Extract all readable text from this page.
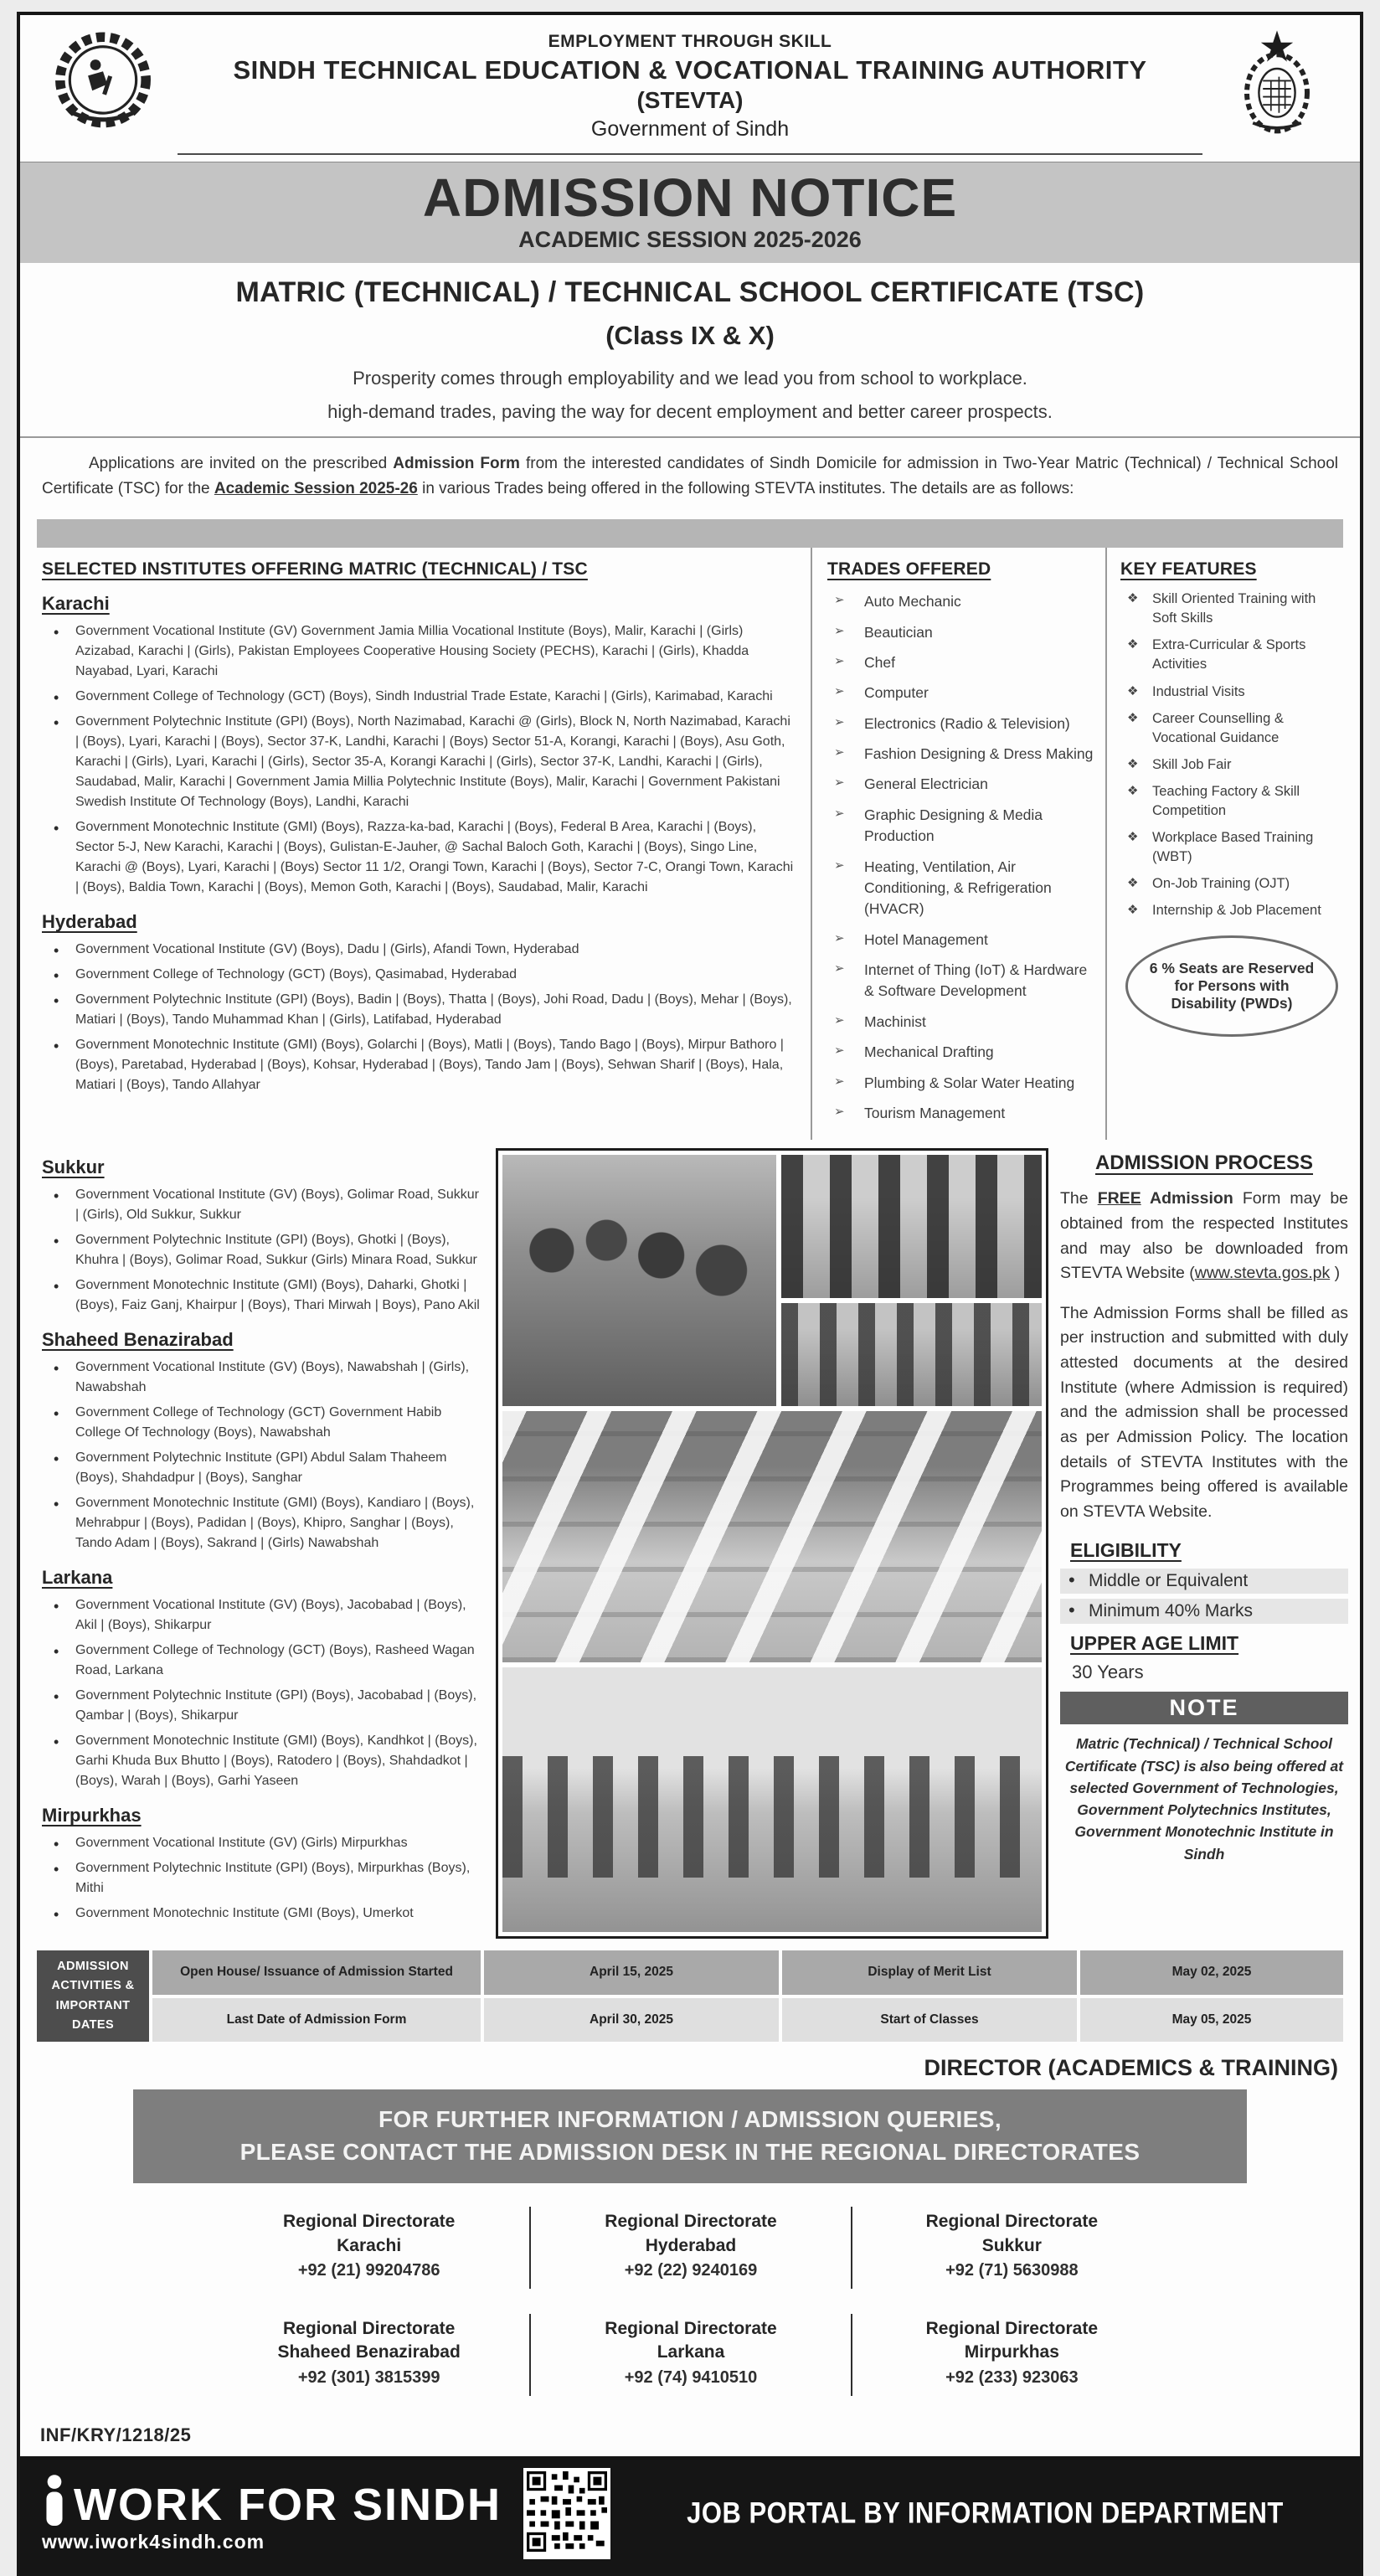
EMPLOYMENT THROUGH SKILL
SINDH TECHNICAL EDUCATION & VOCATIONAL TRAINING AUTHORITY
(STEVTA)
Government of Sindh
ADMISSION NOTICE
ACADEMIC SESSION 2025-2026
MATRIC (TECHNICAL) / TECHNICAL SCHOOL CERTIFICATE (TSC)
(Class IX & X)
Prosperity comes through employability and we lead you from school to workplace.
high-demand trades, paving the way for decent employment and better career prospects.

Applications are invited on the prescribed Admission Form from the interested candidates of Sindh Domicile for admission in Two-Year Matric (Technical) / Technical School Certificate (TSC) for the Academic Session 2025-26 in various Trades being offered in the following STEVTA institutes. The details are as follows:

SELECTED INSTITUTES OFFERING MATRIC (TECHNICAL) / TSC
Karachi
• Government Vocational Institute (GV) Government Jamia Millia Vocational Institute (Boys), Malir, Karachi | (Girls) Azizabad, Karachi | (Girls), Pakistan Employees Cooperative Housing Society (PECHS), Karachi | (Girls), Khadda Nayabad, Lyari, Karachi
• Government College of Technology (GCT) (Boys), Sindh Industrial Trade Estate, Karachi | (Girls), Karimabad, Karachi
• Government Polytechnic Institute (GPI) (Boys), North Nazimabad, Karachi @ (Girls), Block N, North Nazimabad, Karachi | (Boys), Lyari, Karachi | (Boys), Sector 37-K, Landhi, Karachi | (Boys) Sector 51-A, Korangi, Karachi | (Boys), Asu Goth, Karachi | (Girls), Lyari, Karachi | (Girls), Sector 35-A, Korangi Karachi | (Girls), Sector 37-K, Landhi, Karachi | (Girls), Saudabad, Malir, Karachi | Government Jamia Millia Polytechnic Institute (Boys), Malir, Karachi | Government Pakistani Swedish Institute Of Technology (Boys), Landhi, Karachi
• Government Monotechnic Institute (GMI) (Boys), Razza-ka-bad, Karachi | (Boys), Federal B Area, Karachi | (Boys), Sector 5-J, New Karachi, Karachi | (Boys), Gulistan-E-Jauher, @ Sachal Baloch Goth, Karachi | (Boys), Singo Line, Karachi @ (Boys), Lyari, Karachi | (Boys) Sector 11 1/2, Orangi Town, Karachi | (Boys), Sector 7-C, Orangi Town, Karachi | (Boys), Baldia Town, Karachi | (Boys), Memon Goth, Karachi | (Boys), Saudabad, Malir, Karachi
Hyderabad
• Government Vocational Institute (GV) (Boys), Dadu | (Girls), Afandi Town, Hyderabad
• Government College of Technology (GCT) (Boys), Qasimabad, Hyderabad
• Government Polytechnic Institute (GPI) (Boys), Badin | (Boys), Thatta | (Boys), Johi Road, Dadu | (Boys), Mehar | (Boys), Matiari | (Boys), Tando Muhammad Khan | (Girls), Latifabad, Hyderabad
• Government Monotechnic Institute (GMI) (Boys), Golarchi | (Boys), Matli | (Boys), Tando Bago | (Boys), Mirpur Bathoro | (Boys), Paretabad, Hyderabad | (Boys), Kohsar, Hyderabad | (Boys), Tando Jam | (Boys), Sehwan Sharif | (Boys), Hala, Matiari | (Boys), Tando Allahyar
TRADES OFFERED
➢ Auto Mechanic
➢ Beautician
➢ Chef
➢ Computer
➢ Electronics (Radio & Television)
➢ Fashion Designing & Dress Making
➢ General Electrician
➢ Graphic Designing & Media Production
➢ Heating, Ventilation, Air Conditioning, & Refrigeration (HVACR)
➢ Hotel Management
➢ Internet of Thing (IoT) & Hardware & Software Development
➢ Machinist
➢ Mechanical Drafting
➢ Plumbing & Solar Water Heating
➢ Tourism Management
KEY FEATURES
❖ Skill Oriented Training with Soft Skills
❖ Extra-Curricular & Sports Activities
❖ Industrial Visits
❖ Career Counselling & Vocational Guidance
❖ Skill Job Fair
❖ Teaching Factory & Skill Competition
❖ Workplace Based Training (WBT)
❖ On-Job Training (OJT)
❖ Internship & Job Placement
6 % Seats are Reserved for Persons with Disability (PWDs)
Sukkur
• Government Vocational Institute (GV) (Boys), Golimar Road, Sukkur | (Girls), Old Sukkur, Sukkur
• Government Polytechnic Institute (GPI) (Boys), Ghotki | (Boys), Khuhra | (Boys), Golimar Road, Sukkur (Girls) Minara Road, Sukkur
• Government Monotechnic Institute (GMI) (Boys), Daharki, Ghotki | (Boys), Faiz Ganj, Khairpur | (Boys), Thari Mirwah | Boys), Pano Akil
Shaheed Benazirabad
• Government Vocational Institute (GV) (Boys), Nawabshah | (Girls), Nawabshah
• Government College of Technology (GCT) Government Habib College Of Technology (Boys), Nawabshah
• Government Polytechnic Institute (GPI) Abdul Salam Thaheem (Boys), Shahdadpur | (Boys), Sanghar
• Government Monotechnic Institute (GMI) (Boys), Kandiaro | (Boys), Mehrabpur | (Boys), Padidan | (Boys), Khipro, Sanghar | (Boys), Tando Adam | (Boys), Sakrand | (Girls) Nawabshah
Larkana
• Government Vocational Institute (GV) (Boys), Jacobabad | (Boys), Akil | (Boys), Shikarpur
• Government College of Technology (GCT) (Boys), Rasheed Wagan Road, Larkana
• Government Polytechnic Institute (GPI) (Boys), Jacobabad | (Boys), Qambar | (Boys), Shikarpur
• Government Monotechnic Institute (GMI) (Boys), Kandhkot | (Boys), Garhi Khuda Bux Bhutto | (Boys), Ratodero | (Boys), Shahdadkot | (Boys), Warah | (Boys), Garhi Yaseen
Mirpurkhas
• Government Vocational Institute (GV) (Girls) Mirpurkhas
• Government Polytechnic Institute (GPI) (Boys), Mirpurkhas (Boys), Mithi
• Government Monotechnic Institute (GMI (Boys), Umerkot
ADMISSION PROCESS

The FREE Admission Form may be obtained from the respected Institutes and may also be downloaded from STEVTA Website (www.stevta.gos.pk )

The Admission Forms shall be filled as per instruction and submitted with duly attested documents at the desired Institute (where Admission is required) and the admission shall be processed as per Admission Policy. The location details of STEVTA Institutes with the Programmes being offered is available on STEVTA Website.

ELIGIBILITY
• Middle or Equivalent
• Minimum 40% Marks
UPPER AGE LIMIT
30 Years
NOTE
Matric (Technical) / Technical School Certificate (TSC) is also being offered at selected Government of Technologies, Government Polytechnics Institutes, Government Monotechnic Institute in Sindh
ADMISSION ACTIVITIES & IMPORTANT DATES
Open House/ Issuance of Admission Started	April 15, 2025	Display of Merit List	May 02, 2025
Last Date of Admission Form	April 30, 2025	Start of Classes	May 05, 2025
DIRECTOR (ACADEMICS & TRAINING)
FOR FURTHER INFORMATION / ADMISSION QUERIES,
PLEASE CONTACT THE ADMISSION DESK IN THE REGIONAL DIRECTORATES
Regional Directorate
Karachi
+92 (21) 99204786
Regional Directorate
Hyderabad
+92 (22) 9240169
Regional Directorate
Sukkur
+92 (71) 5630988
Regional Directorate
Shaheed Benazirabad
+92 (301) 3815399
Regional Directorate
Larkana
+92 (74) 9410510
Regional Directorate
Mirpurkhas
+92 (233) 923063
INF/KRY/1218/25
WORK FOR SINDH
www.iwork4sindh.com
JOB PORTAL BY INFORMATION DEPARTMENT
